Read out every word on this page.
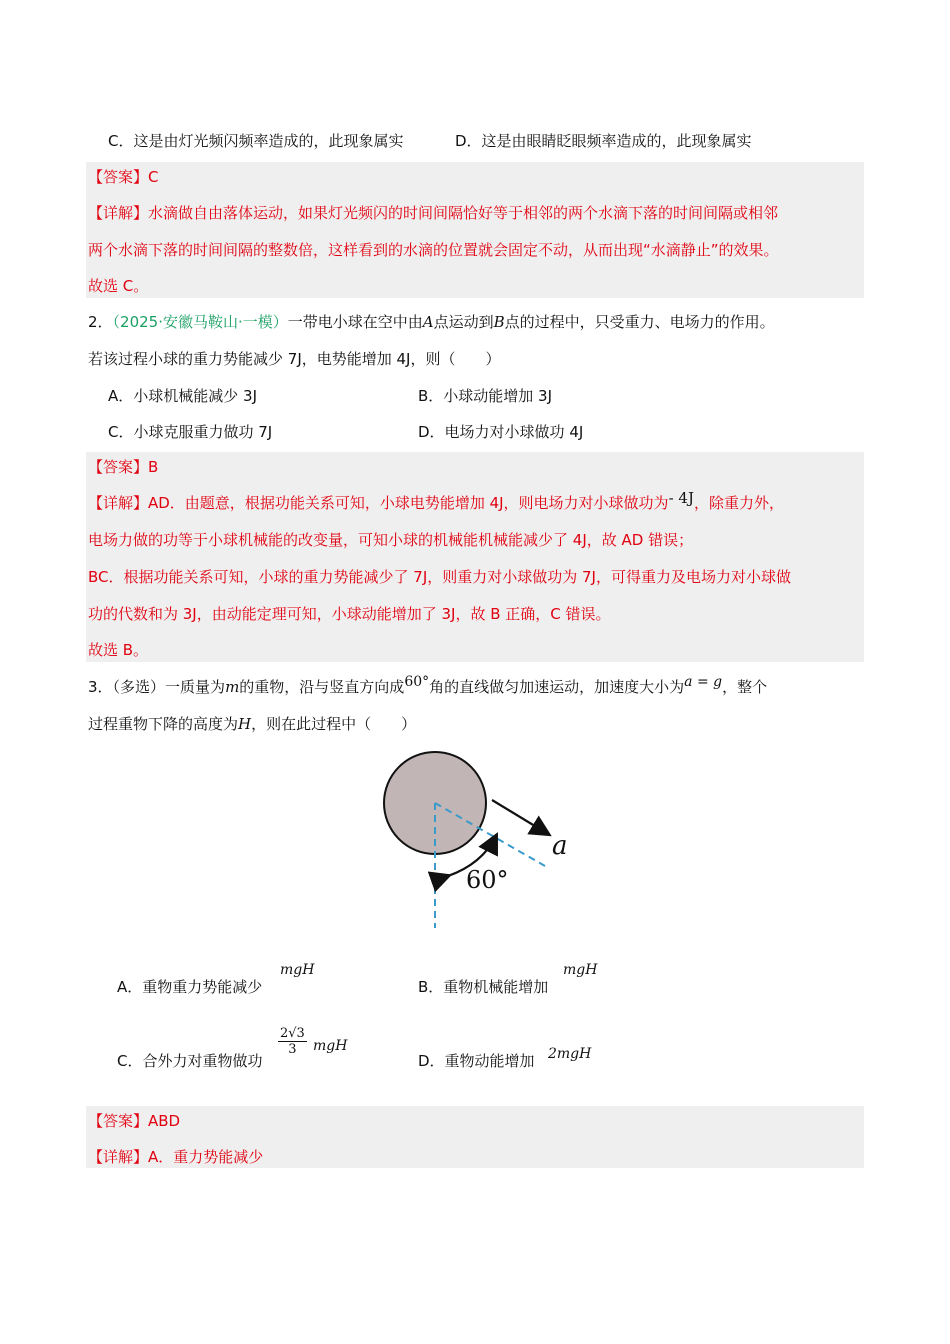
C．这是由灯光频闪频率造成的，此现象属实	D．这是由眼睛眨眼频率造成的，此现象属实
【答案】C
【详解】水滴做自由落体运动，如果灯光频闪的时间间隔恰好等于相邻的两个水滴下落的时间间隔或相邻
两个水滴下落的时间间隔的整数倍，这样看到的水滴的位置就会固定不动，从而出现“水滴静止”的效果。
故选 C。
2．（2025·安徽马鞍山·一模）一带电小球在空中由A点运动到B点的过程中，只受重力、电场力的作用。
若该过程小球的重力势能减少 7J，电势能增加 4J，则（　　）
A．小球机械能减少 3J	B．小球动能增加 3J
C．小球克服重力做功 7J	D．电场力对小球做功 4J
【答案】B
【详解】AD．由题意，根据功能关系可知，小球电势能增加 4J，则电场力对小球做功为- 4J，除重力外，
电场力做的功等于小球机械能的改变量，可知小球的机械能机械能减少了 4J，故 AD 错误；
BC．根据功能关系可知，小球的重力势能减少了 7J，则重力对小球做功为 7J，可得重力及电场力对小球做
功的代数和为 3J，由动能定理可知，小球动能增加了 3J，故 B 正确，C 错误。
故选 B。
3．（多选）一质量为m的重物，沿与竖直方向成60°角的直线做匀加速运动，加速度大小为a = g，整个
过程重物下降的高度为H，则在此过程中（　　）
a
60°
A．重物重力势能减少
mgH
B．重物机械能增加
mgH
C．合外力对重物做功
$\frac{2√3}{3}$ mgH
D．重物动能增加 2mgH
【答案】ABD
【详解】A．重力势能减少
